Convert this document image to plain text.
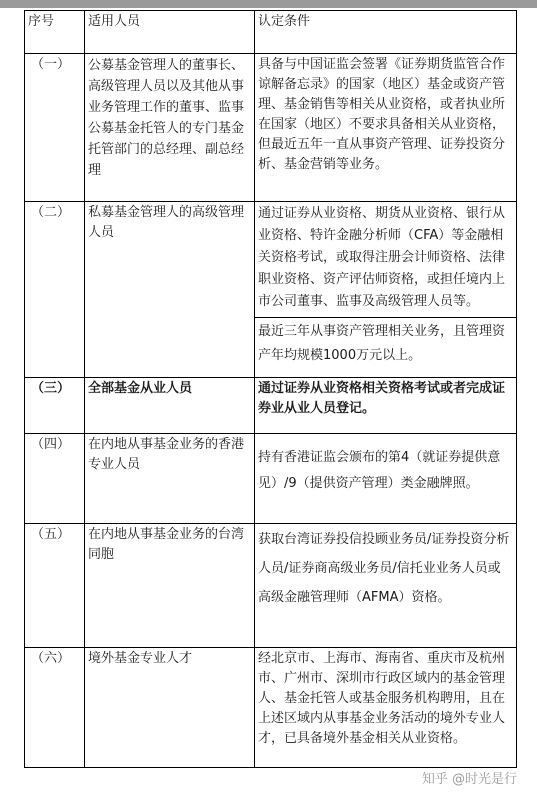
序号	适用人员	认定条件
（一）	公募基金管理人的董事长、高级管理人员以及其他从事业务管理工作的董事、监事公募基金托管人的专门基金托管部门的总经理、副总经理	具备与中国证监会签署《证券期货监管合作谅解备忘录》的国家（地区）基金或资产管理、基金销售等相关从业资格，或者执业所在国家（地区）不要求具备相关从业资格，但最近五年一直从事资产管理、证券投资分析、基金营销等业务。
（二）	私募基金管理人的高级管理人员	通过证券从业资格、期货从业资格、银行从业资格、特许金融分析师（CFA）等金融相关资格考试，或取得注册会计师资格、法律职业资格、资产评估师资格，或担任境内上市公司董事、监事及高级管理人员等。
最近三年从事资产管理相关业务，且管理资产年均规模1000万元以上。

（三）	全部基金从业人员	通过证券从业资格相关资格考试或者完成证券业从业人员登记。
（四）	在内地从事基金业务的香港专业人员	持有香港证监会颁布的第4（就证券提供意见）/9（提供资产管理）类金融牌照。

（五）	在内地从事基金业务的台湾同胞	获取台湾证券投信投顾业务员/证券投资分析人员/证券商高级业务员/信托业业务人员或高级金融管理师（AFMA）资格。

（六）	境外基金专业人才	经北京市、上海市、海南省、重庆市及杭州市、广州市、深圳市行政区域内的基金管理人、基金托管人或基金服务机构聘用，且在上述区域内从事基金业务活动的境外专业人才，已具备境外基金相关从业资格。
知乎 @时光是行
